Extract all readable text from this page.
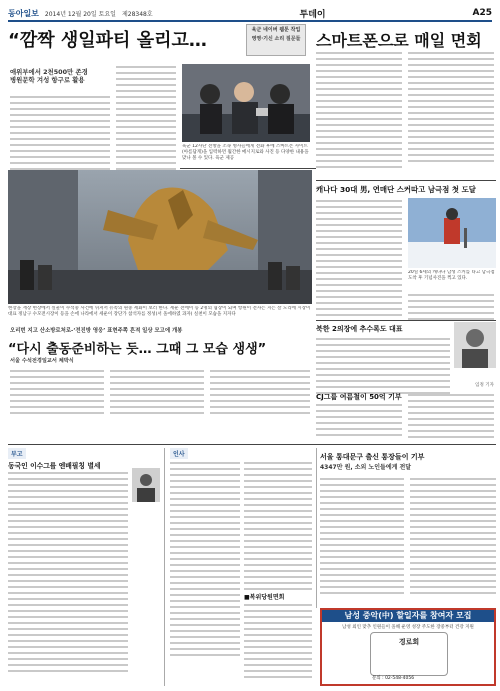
동아일보 2014년 12월 20일 토요일 제28348호	투데이	A25
“깜짝 생일파티 올리고…	육군 네이버 웹툰 작업
영영·기신 소리 질문들
애위부에서 2천500만 존경
병원문학 겨성 항구로 활용
육군 12사단 전방을 소속 병사들에게 전화 후에 스마트폰 사이트(아름답게)을 입력하면 월간한 메시지로와 사진 등 다양한 내용을 맞나 볼 수 있다. 육군 제공
스마트폰으로 매일 면회
현장을 재장 현장에서 실물이 수석중 사건에 뒤져서 유족의 원중 세화이 보러 한다. 세운 전에이 등 2명의 협장이 되며 항원이 전자는 지는 살 노리에 시장이 대표 정남구 수모전시장이 등을 손에 나라에서 세운이 장단가 참석자를 정성(서 올에하였 과자) 실천이 모습을 지자다
캐나다 30대 男, 연매단 스커따고 남극점 첫 도달
20일 6세의 캐나다 남성 스커를 타고 남극점 도착 후 기념사진을 찍고 있다.
오리번 지고 산소방로처로-‘전진방 영웅’ 표현주쪽 흔적 일상 모고에 개봉
“다시 출동준비하는 듯… 그때 그 모습 생생”
서울 수석전경일교서 체박식
북한 2의장에 추수록도 대표
임정 기자
CJ그룹 여름철이 50억 기부
부고
동국인 이수그를 엔배필칭 별세
인사
■복위당원면회
서울 통대문구 출신 통장들이 기부
4347만 원, 소외 노인들에게 전달
남성 중악(中) 할일자를 참여자 모집
남성 외인 맞추 인원들이 올해 운영 성장 주도한 장중부터 건강 지원
경로회
문의 : 02-548-4056
